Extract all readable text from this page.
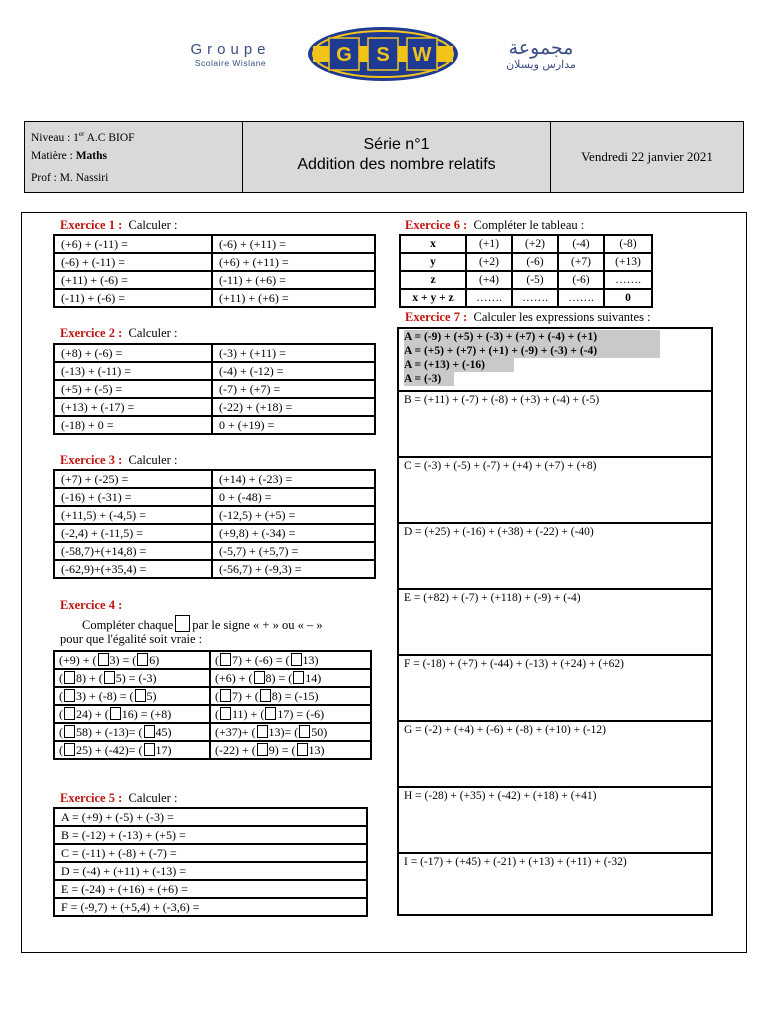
Groupe
Scolaire Wislane	G S W	مجموعة
مدارس ويسلان
Niveau : 1er A.C BIOF
Matière : Maths
Prof : M. Nassiri
Série n°1
Addition des nombre relatifs	Vendredi 22 janvier 2021
Exercice 1 : Calculer :
(+6) + (-11) =	(-6) + (+11) =
(-6) + (-11) =	(+6) + (+11) =
(+11) + (-6) =	(-11) + (+6) =
(-11) + (-6) =	(+11) + (+6) =
Exercice 2 : Calculer :
(+8) + (-6) =	(-3) + (+11) =
(-13) + (-11) =	(-4) + (-12) =
(+5) + (-5) =	(-7) + (+7) =
(+13) + (-17) =	(-22) + (+18) =
(-18) + 0 =	0 + (+19) =
Exercice 3 : Calculer :
(+7) + (-25) =	(+14) + (-23) =
(-16) + (-31) =	0 + (-48) =
(+11,5) + (-4,5) =	(-12,5) + (+5) =
(-2,4) + (-11,5) =	(+9,8) + (-34) =
(-58,7)+(+14,8) =	(-5,7) + (+5,7) =
(-62,9)+(+35,4) =	(-56,7) + (-9,3) =
Exercice 4 :
Compléter chaque par le signe « + » ou « – »
pour que l'égalité soit vraie :
(+9) + ( 3) = ( 6)	( 7) + (-6) = ( 13)
( 8) + ( 5) = (-3)	(+6) + ( 8) = ( 14)
( 3) + (-8) = ( 5)	( 7) + ( 8) = (-15)
( 24) + ( 16) = (+8)	( 11) + ( 17) = (-6)
( 58) + (-13)= ( 45)	(+37)+ ( 13)= ( 50)
( 25) + (-42)= ( 17)	(-22) + ( 9) = ( 13)
Exercice 5 : Calculer :
A = (+9) + (-5) + (-3) =
B = (-12) + (-13) + (+5) =
C = (-11) + (-8) + (-7) =
D = (-4) + (+11) + (-13) =
E = (-24) + (+16) + (+6) =
F = (-9,7) + (+5,4) + (-3,6) =
Exercice 6 : Compléter le tableau :
x	(+1)	(+2)	(-4)	(-8)
y	(+2)	(-6)	(+7)	(+13)
z	(+4)	(-5)	(-6)	…….
x + y + z	…….	…….	…….	0
Exercice 7 : Calculer les expressions suivantes :
A = (-9) + (+5) + (-3) + (+7) + (-4) + (+1)
A = (+5) + (+7) + (+1) + (-9) + (-3) + (-4)
A = (+13) + (-16)
A = (-3)
B = (+11) + (-7) + (-8) + (+3) + (-4) + (-5)
C = (-3) + (-5) + (-7) + (+4) + (+7) + (+8)
D = (+25) + (-16) + (+38) + (-22) + (-40)
E = (+82) + (-7) + (+118) + (-9) + (-4)
F = (-18) + (+7) + (-44) + (-13) + (+24) + (+62)
G = (-2) + (+4) + (-6) + (-8) + (+10) + (-12)
H = (-28) + (+35) + (-42) + (+18) + (+41)
I = (-17) + (+45) + (-21) + (+13) + (+11) + (-32)
